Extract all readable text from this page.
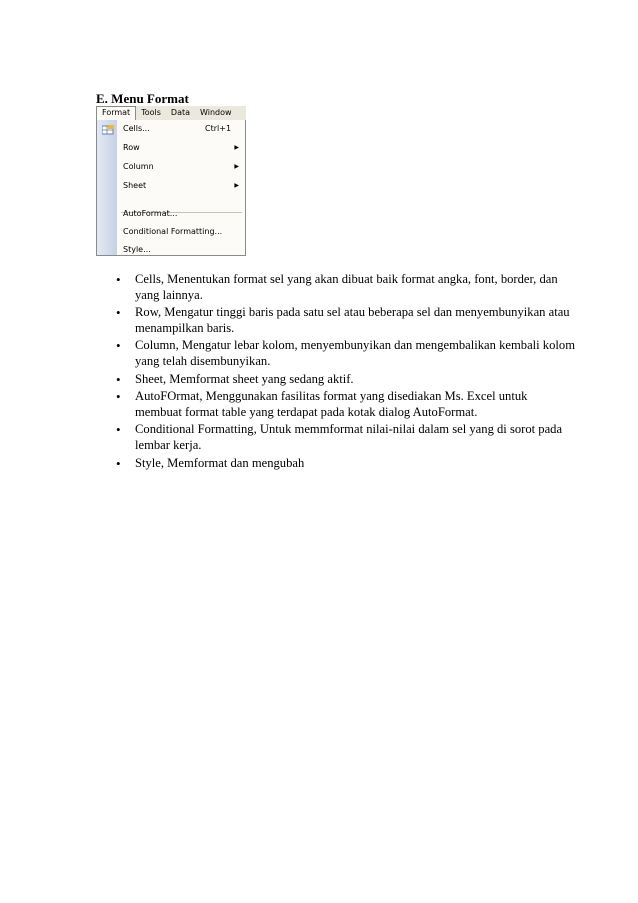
E. Menu Format
Format	Tools	Data	Window
Cells...	Ctrl+1
Row	▶
Column	▶
Sheet	▶
AutoFormat...
Conditional Formatting...
Style...
• Cells, Menentukan format sel yang akan dibuat baik format angka, font, border, dan yang lainnya.
• Row, Mengatur tinggi baris pada satu sel atau beberapa sel dan menyembunyikan atau menampilkan baris.
• Column, Mengatur lebar kolom, menyembunyikan dan mengembalikan kembali kolom yang telah disembunyikan.
• Sheet, Memformat sheet yang sedang aktif.
• AutoFOrmat, Menggunakan fasilitas format yang disediakan Ms. Excel untuk membuat format table yang terdapat pada kotak dialog AutoFormat.
• Conditional Formatting, Untuk memmformat nilai-nilai dalam sel yang di sorot pada lembar kerja.
• Style, Memformat dan mengubah
